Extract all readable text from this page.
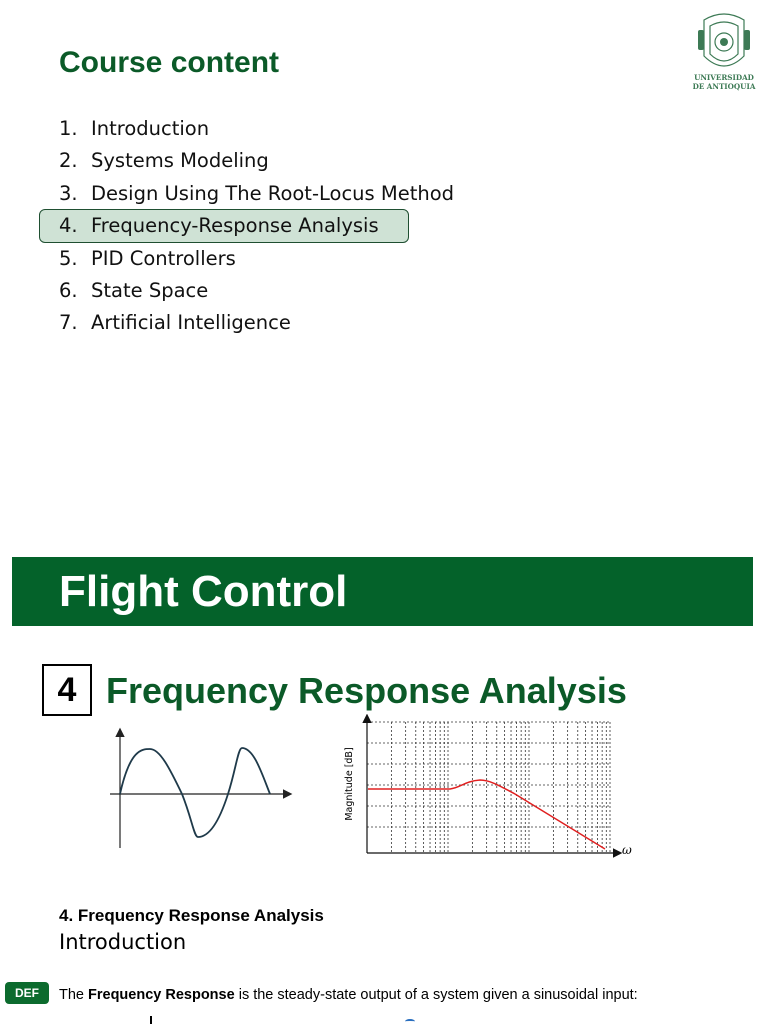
Course content	UNIVERSIDAD
DE ANTIOQUIA
1. Introduction
2. Systems Modeling
3. Design Using The Root-Locus Method
4. Frequency-Response Analysis
5. PID Controllers
6. State Space
7. Artificial Intelligence
Flight Control
4 Frequency Response Analysis
Magnitude [dB]
ω
4. Frequency Response Analysis
Introduction
DEF	The Frequency Response is the steady-state output of a system given a sinusoidal input:
